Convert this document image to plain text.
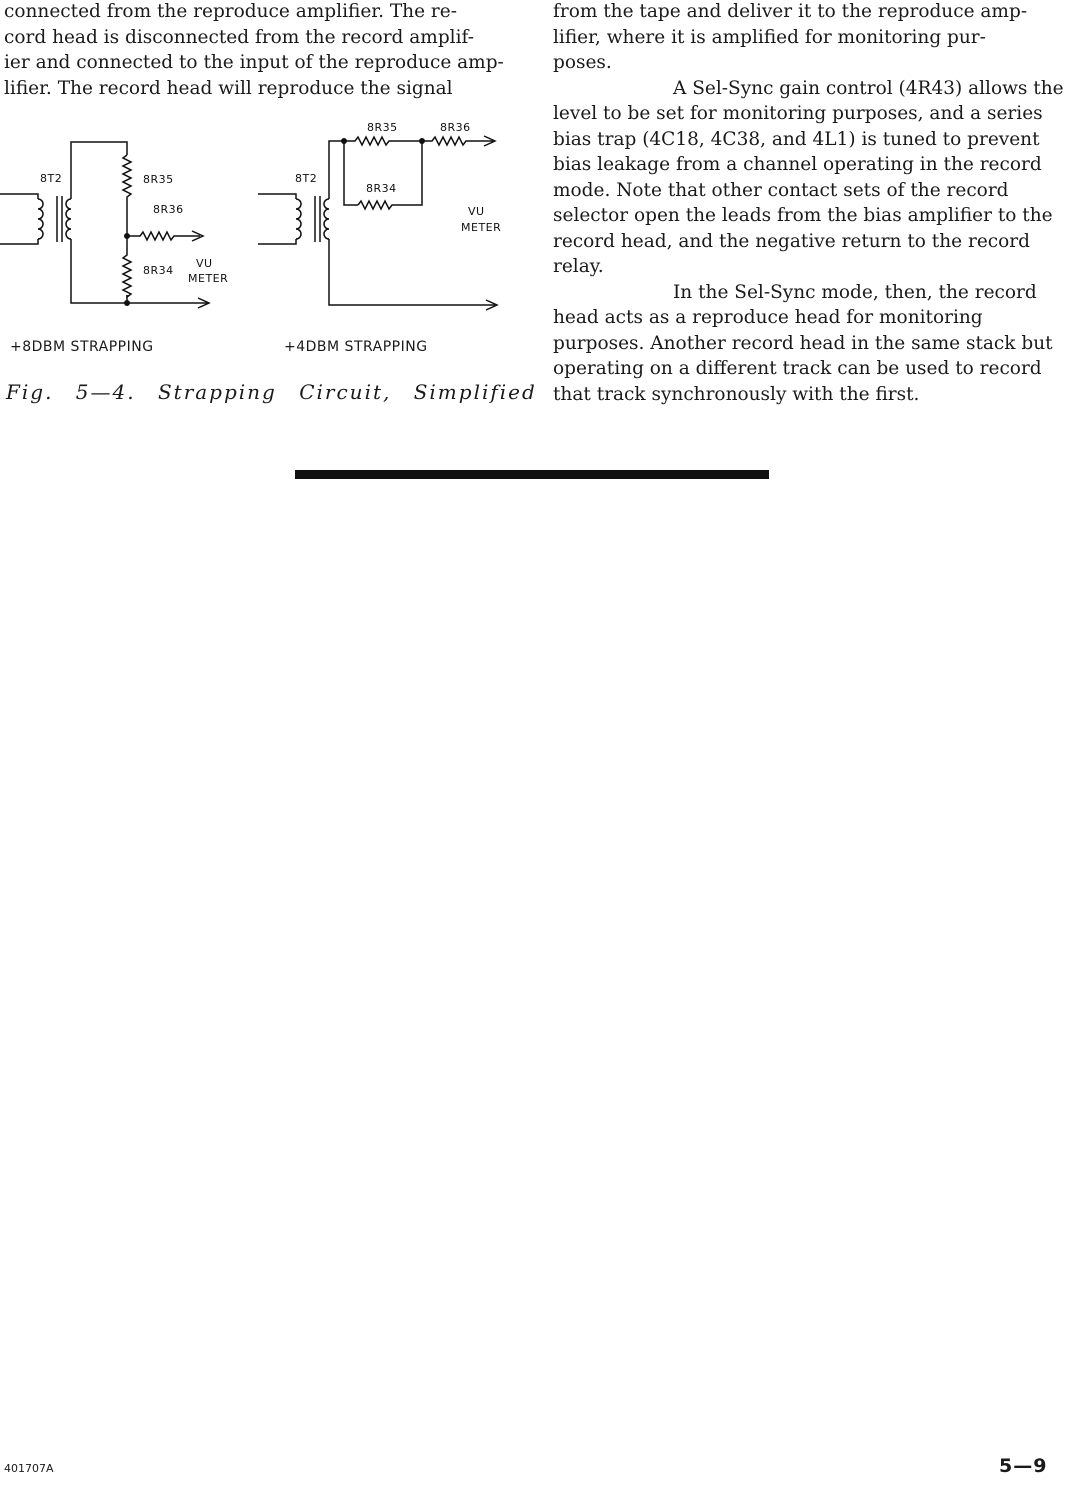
connected from the reproduce amplifier. The re-

cord head is disconnected from the record amplif-

ier and connected to the input of the reproduce amp-

lifier. The record head will reproduce the signal

8T2	8R35
8R36
8R34
VU
METER
8T2
8R35	8R36
8R34
VU
METER
+8DBM STRAPPING	+4DBM STRAPPING
Fig. 5—4. Strapping Circuit, Simplified

from the tape and deliver it to the reproduce amp-

lifier, where it is amplified for monitoring pur-

poses.

A Sel-Sync gain control (4R43) allows the level to be set for monitoring purposes, and a series bias trap (4C18, 4C38, and 4L1) is tuned to prevent bias leakage from a channel operating in the record mode. Note that other contact sets of the record selector open the leads from the bias amplifier to the record head, and the negative return to the record relay.

In the Sel-Sync mode, then, the record head acts as a reproduce head for monitoring purposes. Another record head in the same stack but operating on a different track can be used to record that track synchronously with the first.

401707A	5—9
